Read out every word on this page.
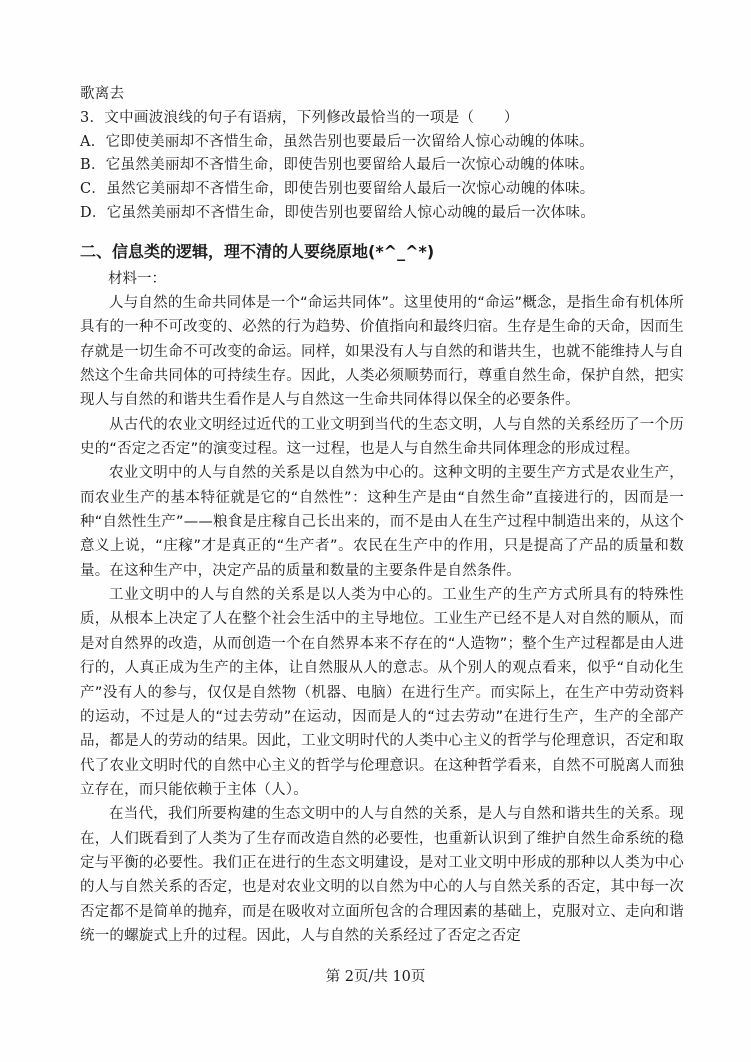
歌离去
3．文中画波浪线的句子有语病，下列修改最恰当的一项是（　　）
A．它即使美丽却不吝惜生命，虽然告别也要最后一次留给人惊心动魄的体味。
B．它虽然美丽却不吝惜生命，即使告别也要留给人最后一次惊心动魄的体味。
C．虽然它美丽却不吝惜生命，即使告别也要留给人最后一次惊心动魄的体味。
D．它虽然美丽却不吝惜生命，即使告别也要留给人惊心动魄的最后一次体味。
二、信息类的逻辑，理不清的人要绕原地(*^_^*)
材料一：

人与自然的生命共同体是一个“命运共同体”。这里使用的“命运”概念，是指生命有机体所具有的一种不可改变的、必然的行为趋势、价值指向和最终归宿。生存是生命的天命，因而生存就是一切生命不可改变的命运。同样，如果没有人与自然的和谐共生，也就不能维持人与自然这个生命共同体的可持续生存。因此，人类必须顺势而行，尊重自然生命，保护自然，把实现人与自然的和谐共生看作是人与自然这一生命共同体得以保全的必要条件。

从古代的农业文明经过近代的工业文明到当代的生态文明，人与自然的关系经历了一个历史的“否定之否定”的演变过程。这一过程，也是人与自然生命共同体理念的形成过程。

农业文明中的人与自然的关系是以自然为中心的。这种文明的主要生产方式是农业生产，而农业生产的基本特征就是它的“自然性”：这种生产是由“自然生命”直接进行的，因而是一种“自然性生产”——粮食是庄稼自己长出来的，而不是由人在生产过程中制造出来的，从这个意义上说，“庄稼”才是真正的“生产者”。农民在生产中的作用，只是提高了产品的质量和数量。在这种生产中，决定产品的质量和数量的主要条件是自然条件。

工业文明中的人与自然的关系是以人类为中心的。工业生产的生产方式所具有的特殊性质，从根本上决定了人在整个社会生活中的主导地位。工业生产已经不是人对自然的顺从，而是对自然界的改造，从而创造一个在自然界本来不存在的“人造物”；整个生产过程都是由人进行的，人真正成为生产的主体，让自然服从人的意志。从个别人的观点看来，似乎“自动化生产”没有人的参与，仅仅是自然物（机器、电脑）在进行生产。而实际上，在生产中劳动资料的运动，不过是人的“过去劳动”在运动，因而是人的“过去劳动”在进行生产，生产的全部产品，都是人的劳动的结果。因此，工业文明时代的人类中心主义的哲学与伦理意识，否定和取代了农业文明时代的自然中心主义的哲学与伦理意识。在这种哲学看来，自然不可脱离人而独立存在，而只能依赖于主体（人）。

在当代，我们所要构建的生态文明中的人与自然的关系，是人与自然和谐共生的关系。现在，人们既看到了人类为了生存而改造自然的必要性，也重新认识到了维护自然生命系统的稳定与平衡的必要性。我们正在进行的生态文明建设，是对工业文明中形成的那种以人类为中心的人与自然关系的否定，也是对农业文明的以自然为中心的人与自然关系的否定，其中每一次否定都不是简单的抛弃，而是在吸收对立面所包含的合理因素的基础上，克服对立、走向和谐统一的螺旋式上升的过程。因此，人与自然的关系经过了否定之否定

第 2页/共 10页
